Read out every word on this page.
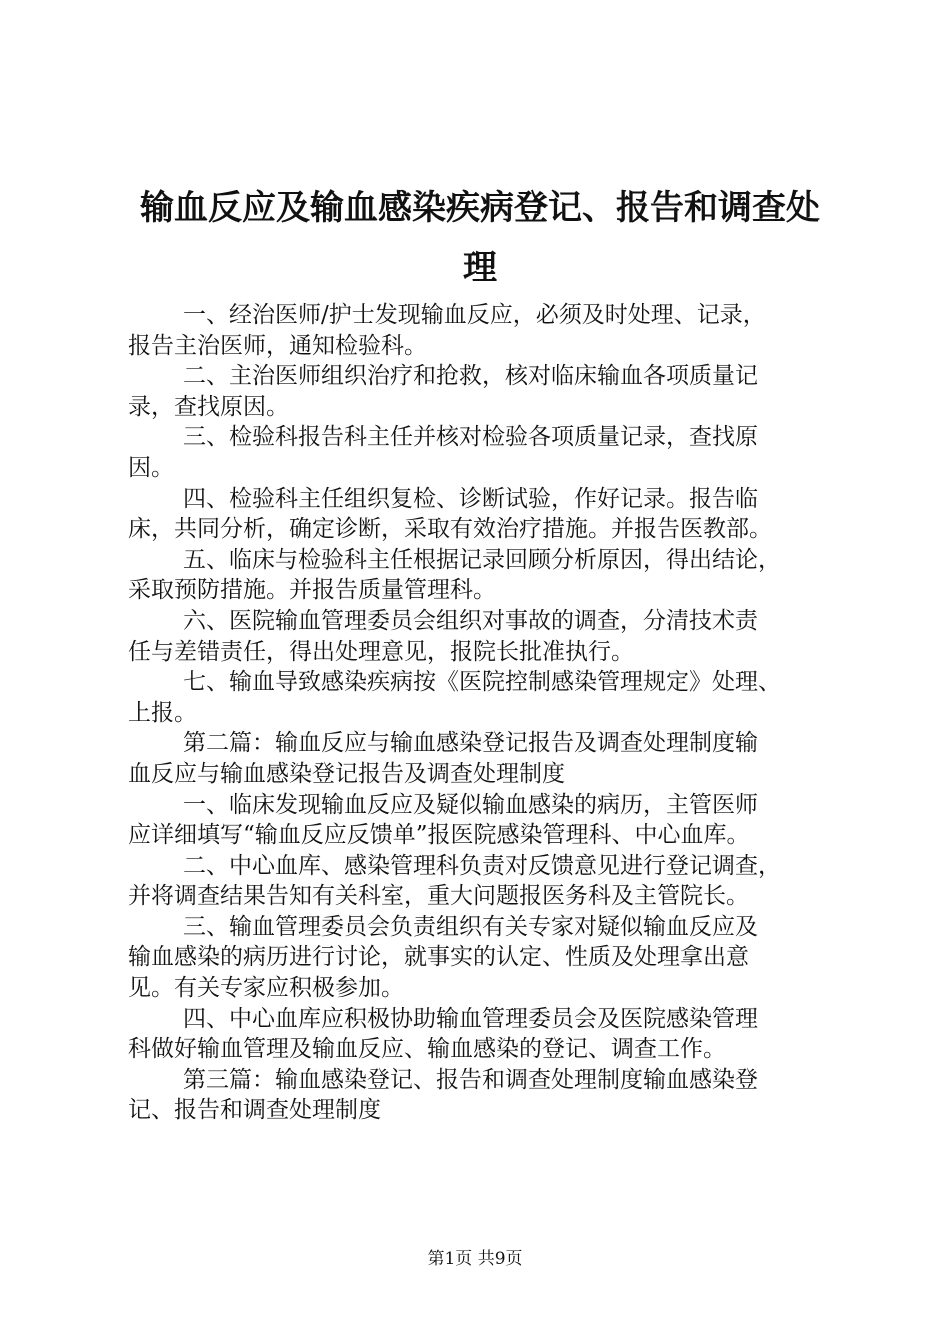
输血反应及输血感染疾病登记、报告和调查处
理

一、经治医师/护士发现输血反应，必须及时处理、记录，
报告主治医师，通知检验科。

二、主治医师组织治疗和抢救，核对临床输血各项质量记
录，查找原因。

三、检验科报告科主任并核对检验各项质量记录，查找原
因。

四、检验科主任组织复检、诊断试验，作好记录。报告临
床，共同分析，确定诊断，采取有效治疗措施。并报告医教部。

五、临床与检验科主任根据记录回顾分析原因，得出结论，
采取预防措施。并报告质量管理科。

六、医院输血管理委员会组织对事故的调查，分清技术责
任与差错责任，得出处理意见，报院长批准执行。

七、输血导致感染疾病按《医院控制感染管理规定》处理、
上报。

第二篇：输血反应与输血感染登记报告及调查处理制度输
血反应与输血感染登记报告及调查处理制度

一、临床发现输血反应及疑似输血感染的病历，主管医师
应详细填写“输血反应反馈单”报医院感染管理科、中心血库。

二、中心血库、感染管理科负责对反馈意见进行登记调查，
并将调查结果告知有关科室，重大问题报医务科及主管院长。

三、输血管理委员会负责组织有关专家对疑似输血反应及
输血感染的病历进行讨论，就事实的认定、性质及处理拿出意
见。有关专家应积极参加。

四、中心血库应积极协助输血管理委员会及医院感染管理
科做好输血管理及输血反应、输血感染的登记、调查工作。

第三篇：输血感染登记、报告和调查处理制度输血感染登
记、报告和调查处理制度

第1页 共9页
